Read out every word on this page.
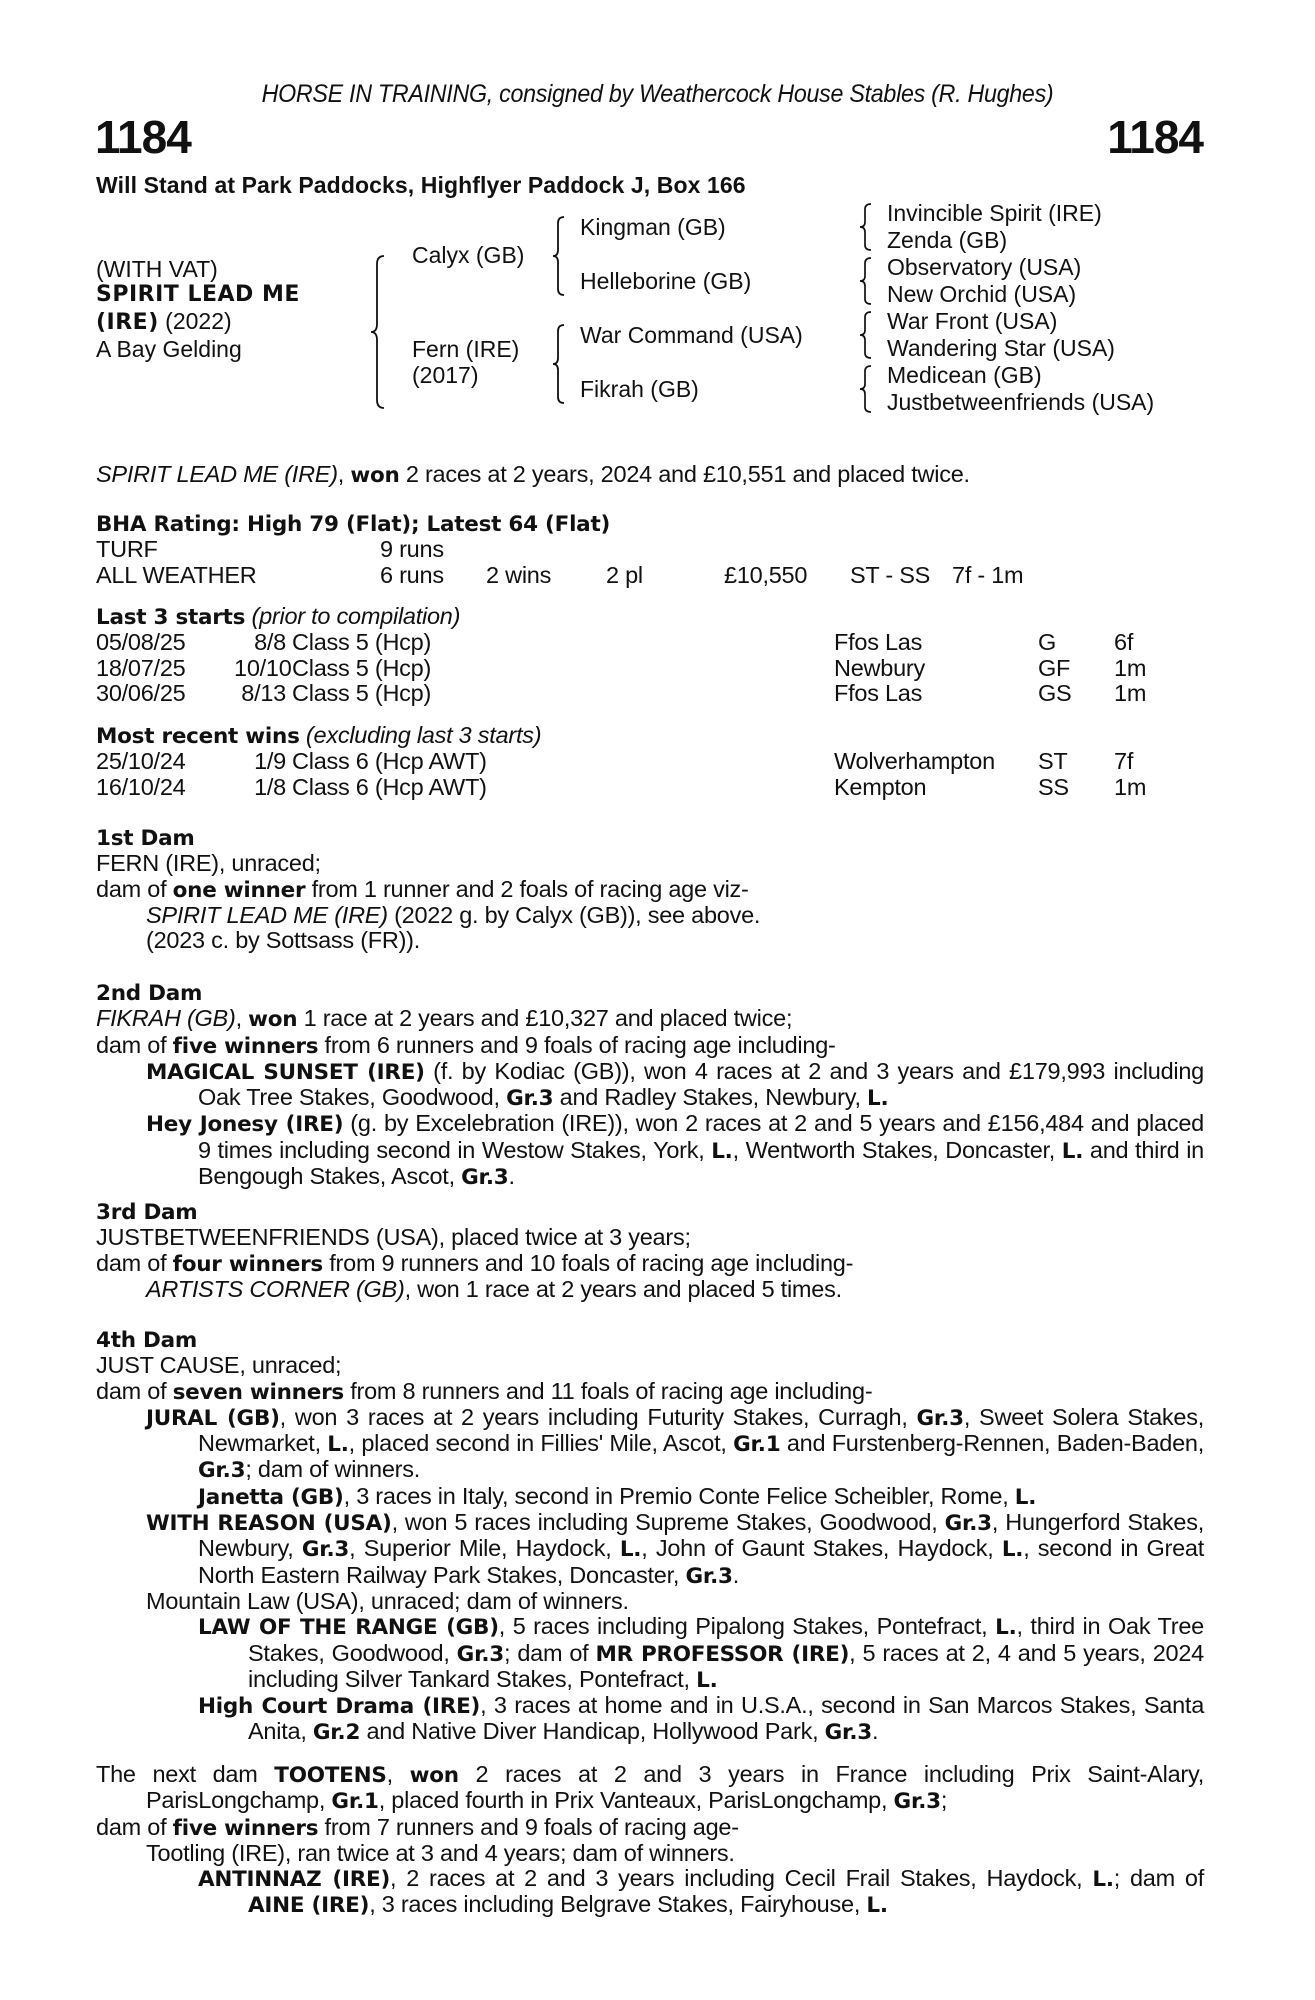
HORSE IN TRAINING, consigned by Weathercock House Stables (R. Hughes)
1184	1184
Will Stand at Park Paddocks, Highflyer Paddock J, Box 166
(WITH VAT)
SPIRIT LEAD ME
(IRE) (2022)
A Bay Gelding
Calyx (GB)
Fern (IRE)
(2017)
Kingman (GB)
Helleborine (GB)
War Command (USA)
Fikrah (GB)
Invincible Spirit (IRE)
Zenda (GB)
Observatory (USA)
New Orchid (USA)
War Front (USA)
Wandering Star (USA)
Medicean (GB)
Justbetweenfriends (USA)
SPIRIT LEAD ME (IRE), won 2 races at 2 years, 2024 and £10,551 and placed twice.
BHA Rating: High 79 (Flat); Latest 64 (Flat)
TURF	9 runs
ALL WEATHER	6 runs 2 wins 2 pl	£10,550 ST - SS 7f - 1m
Last 3 starts (prior to compilation)
05/08/25	8/8 Class 5 (Hcp)	Ffos Las	G 6f
18/07/25 10/10 Class 5 (Hcp)	Newbury	GF 1m
30/06/25	8/13 Class 5 (Hcp)	Ffos Las	GS 1m
Most recent wins (excluding last 3 starts)
25/10/24	1/9 Class 6 (Hcp AWT)	Wolverhampton ST 7f
16/10/24	1/8 Class 6 (Hcp AWT)	Kempton	SS 1m
1st Dam
FERN (IRE), unraced;
dam of one winner from 1 runner and 2 foals of racing age viz-
SPIRIT LEAD ME (IRE) (2022 g. by Calyx (GB)), see above.
(2023 c. by Sottsass (FR)).
2nd Dam
FIKRAH (GB), won 1 race at 2 years and £10,327 and placed twice;
dam of five winners from 6 runners and 9 foals of racing age including-
MAGICAL SUNSET (IRE) (f. by Kodiac (GB)), won 4 races at 2 and 3 years and £179,993 including Oak Tree Stakes, Goodwood, Gr.3 and Radley Stakes, Newbury, L.
Hey Jonesy (IRE) (g. by Excelebration (IRE)), won 2 races at 2 and 5 years and £156,484 and placed 9 times including second in Westow Stakes, York, L., Wentworth Stakes, Doncaster, L. and third in Bengough Stakes, Ascot, Gr.3.
3rd Dam
JUSTBETWEENFRIENDS (USA), placed twice at 3 years;
dam of four winners from 9 runners and 10 foals of racing age including-
ARTISTS CORNER (GB), won 1 race at 2 years and placed 5 times.
4th Dam
JUST CAUSE, unraced;
dam of seven winners from 8 runners and 11 foals of racing age including-
JURAL (GB), won 3 races at 2 years including Futurity Stakes, Curragh, Gr.3, Sweet Solera Stakes, Newmarket, L., placed second in Fillies' Mile, Ascot, Gr.1 and Furstenberg-Rennen, Baden-Baden, Gr.3; dam of winners.
Janetta (GB), 3 races in Italy, second in Premio Conte Felice Scheibler, Rome, L.
WITH REASON (USA), won 5 races including Supreme Stakes, Goodwood, Gr.3, Hungerford Stakes, Newbury, Gr.3, Superior Mile, Haydock, L., John of Gaunt Stakes, Haydock, L., second in Great North Eastern Railway Park Stakes, Doncaster, Gr.3.
Mountain Law (USA), unraced; dam of winners.
LAW OF THE RANGE (GB), 5 races including Pipalong Stakes, Pontefract, L., third in Oak Tree Stakes, Goodwood, Gr.3; dam of MR PROFESSOR (IRE), 5 races at 2, 4 and 5 years, 2024 including Silver Tankard Stakes, Pontefract, L.
High Court Drama (IRE), 3 races at home and in U.S.A., second in San Marcos Stakes, Santa Anita, Gr.2 and Native Diver Handicap, Hollywood Park, Gr.3.
The next dam TOOTENS, won 2 races at 2 and 3 years in France including Prix Saint-Alary, ParisLongchamp, Gr.1, placed fourth in Prix Vanteaux, ParisLongchamp, Gr.3;
dam of five winners from 7 runners and 9 foals of racing age-
Tootling (IRE), ran twice at 3 and 4 years; dam of winners.
ANTINNAZ (IRE), 2 races at 2 and 3 years including Cecil Frail Stakes, Haydock, L.; dam of AINE (IRE), 3 races including Belgrave Stakes, Fairyhouse, L.
